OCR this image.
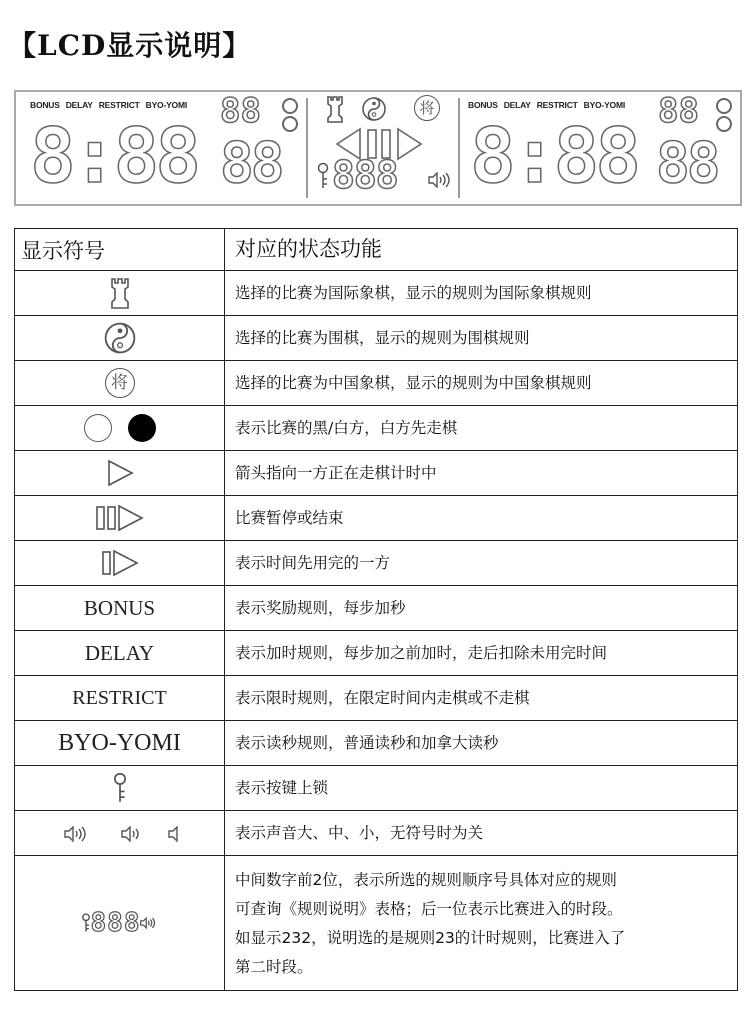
【LCD显示说明】
BONUS DELAY RESTRICT BYO-YOMI 88
8:88 88
将
888
BONUS DELAY RESTRICT BYO-YOMI 88
8:88 88
显示符号	对应的状态功能
	选择的比赛为国际象棋，显示的规则为国际象棋规则
	选择的比赛为围棋，显示的规则为围棋规则
将	选择的比赛为中国象棋，显示的规则为中国象棋规则
	表示比赛的黑/白方，白方先走棋
	箭头指向一方正在走棋计时中
	比赛暂停或结束
	表示时间先用完的一方
BONUS	表示奖励规则，每步加秒
DELAY	表示加时规则，每步加之前加时，走后扣除未用完时间
RESTRICT	表示限时规则，在限定时间内走棋或不走棋
BYO-YOMI	表示读秒规则，普通读秒和加拿大读秒
	表示按键上锁
	表示声音大、中、小，无符号时为关
888	中间数字前2位，表示所选的规则顺序号具体对应的规则
可查询《规则说明》表格；后一位表示比赛进入的时段。
如显示232，说明选的是规则23的计时规则，比赛进入了
第二时段。
